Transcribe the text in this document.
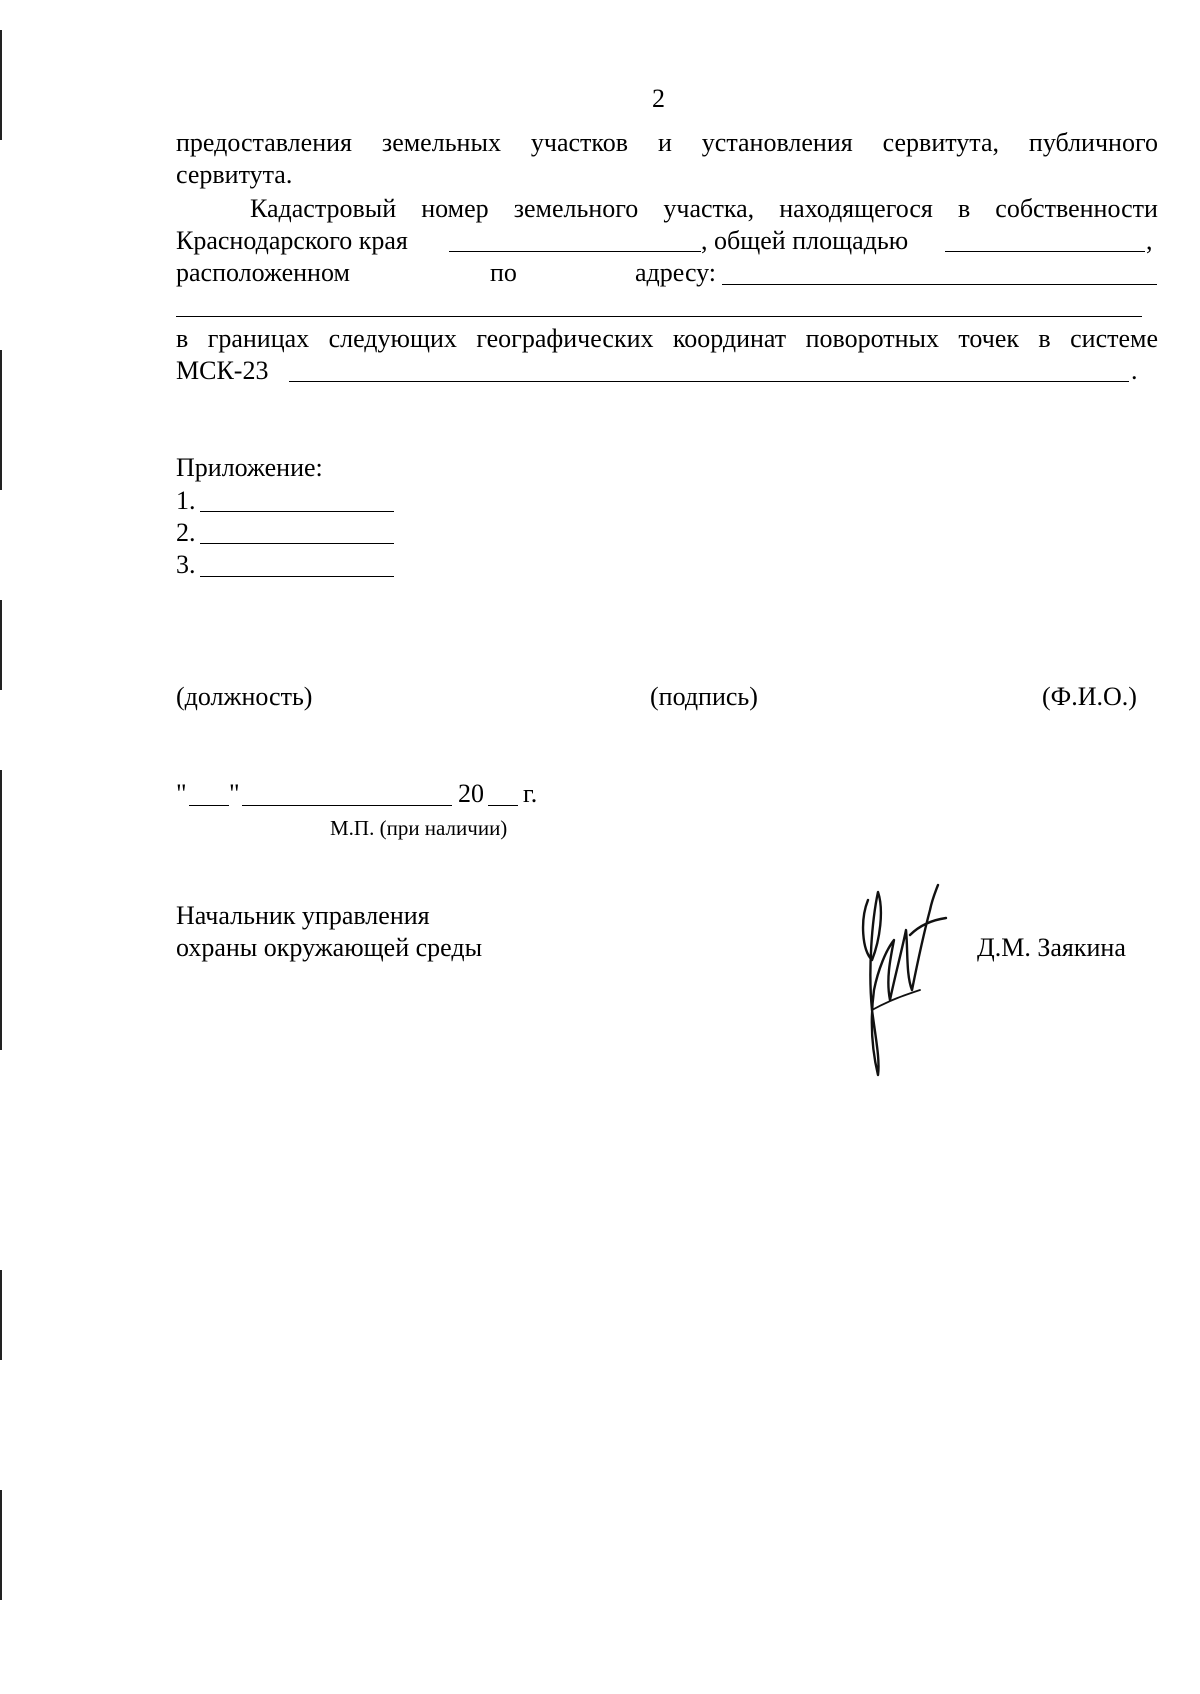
2
предоставления земельных участков и установления сервитута, публичного
сервитута.
Кадастровый номер земельного участка, находящегося в собственности
Краснодарского края	, общей площадью	,
расположенном	по	адресу:
в границах следующих географических координат поворотных точек в системе
МСК-23	.
Приложение:
1.
2.
3.
(должность)	(подпись)	(Ф.И.О.)
" "	20 г.
М.П. (при наличии)
Начальник управления
охраны окружающей среды	Д.М. Заякина
